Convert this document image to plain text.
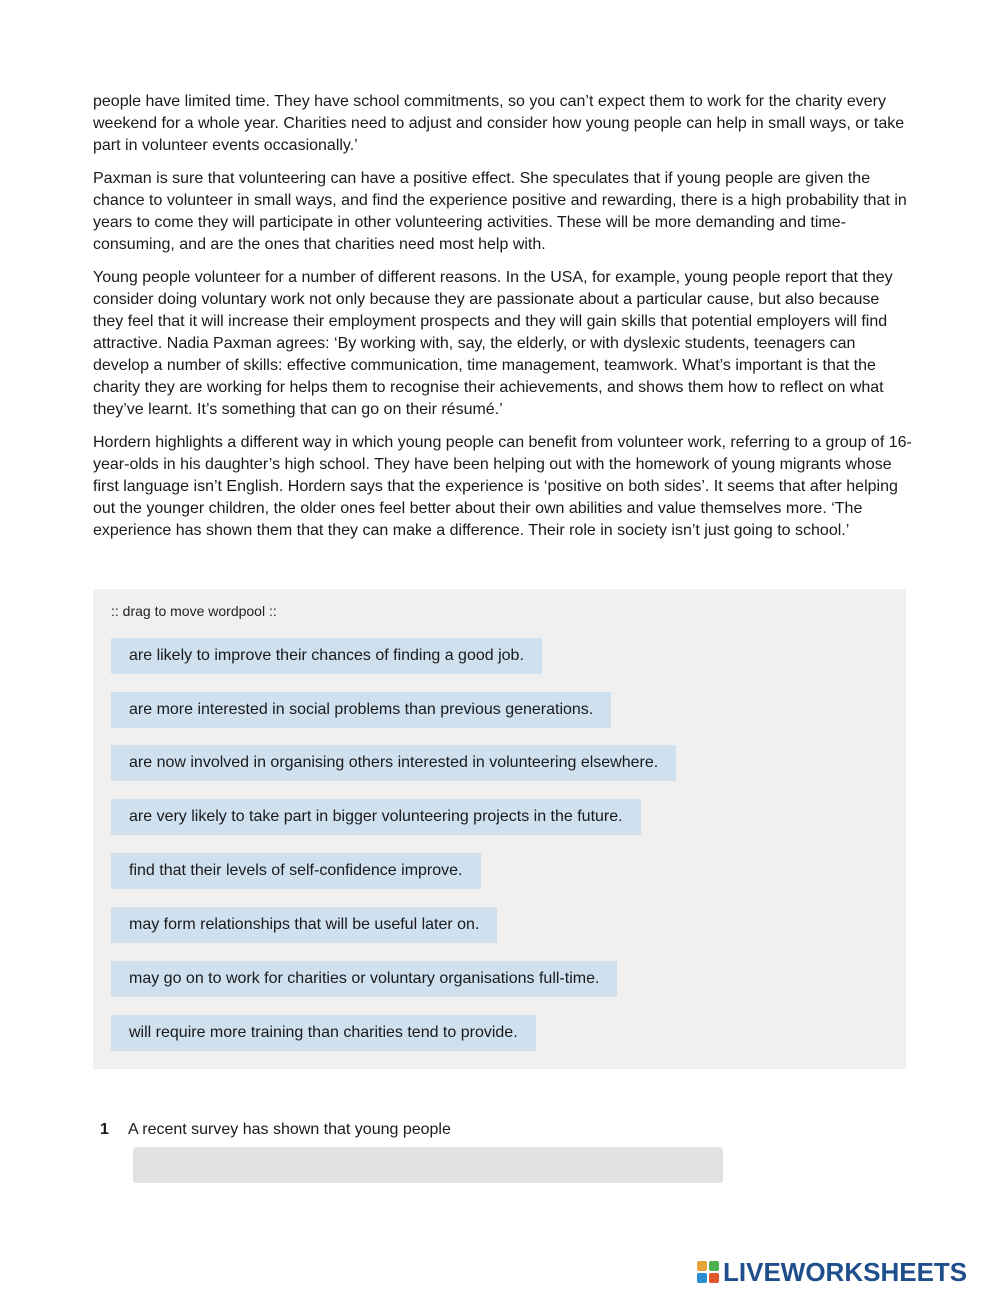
people have limited time. They have school commitments, so you can’t expect them to work for the charity every weekend for a whole year. Charities need to adjust and consider how young people can help in small ways, or take part in volunteer events occasionally.’

Paxman is sure that volunteering can have a positive effect. She speculates that if young people are given the chance to volunteer in small ways, and find the experience positive and rewarding, there is a high probability that in years to come they will participate in other volunteering activities. These will be more demanding and time-consuming, and are the ones that charities need most help with.

Young people volunteer for a number of different reasons. In the USA, for example, young people report that they consider doing voluntary work not only because they are passionate about a particular cause, but also because they feel that it will increase their employment prospects and they will gain skills that potential employers will find attractive. Nadia Paxman agrees: ‘By working with, say, the elderly, or with dyslexic students, teenagers can develop a number of skills: effective communication, time management, teamwork. What’s important is that the charity they are working for helps them to recognise their achievements, and shows them how to reflect on what they’ve learnt. It’s something that can go on their résumé.’

Hordern highlights a different way in which young people can benefit from volunteer work, referring to a group of 16-year-olds in his daughter’s high school. They have been helping out with the homework of young migrants whose first language isn’t English. Hordern says that the experience is ‘positive on both sides’. It seems that after helping out the younger children, the older ones feel better about their own abilities and value themselves more. ‘The experience has shown them that they can make a difference. Their role in society isn’t just going to school.’

:: drag to move wordpool ::
are likely to improve their chances of finding a good job.
are more interested in social problems than previous generations.
are now involved in organising others interested in volunteering elsewhere.
are very likely to take part in bigger volunteering projects in the future.
find that their levels of self-confidence improve.
may form relationships that will be useful later on.
may go on to work for charities or voluntary organisations full-time.
will require more training than charities tend to provide.
1 A recent survey has shown that young people
LIVEWORKSHEETS
